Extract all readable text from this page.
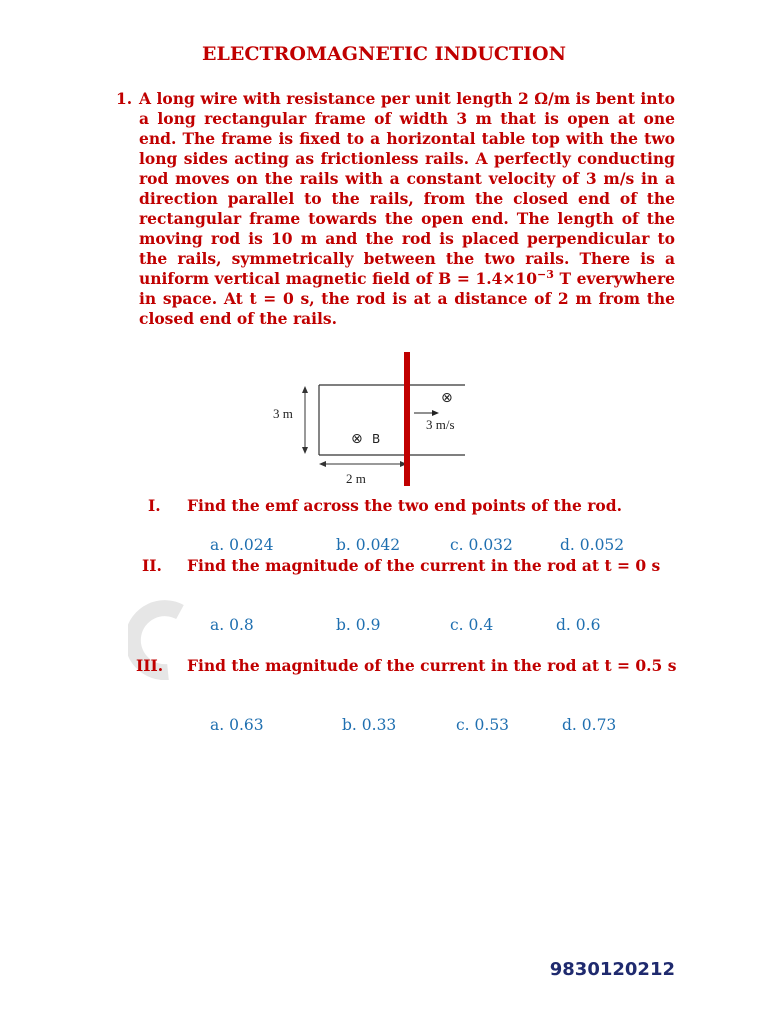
ELECTROMAGNETIC INDUCTION
1. A long wire with resistance per unit length 2 Ω/m is bent into a long rectangular frame of width 3 m that is open at one end. The frame is fixed to a horizontal table top with the two long sides acting as frictionless rails. A perfectly conducting rod moves on the rails with a constant velocity of 3 m/s in a direction parallel to the rails, from the closed end of the rectangular frame towards the open end. The length of the moving rod is 10 m and the rod is placed perpendicular to the rails, symmetrically between the two rails. There is a uniform vertical magnetic field of $B = 1.4\times 10^{-3}$ T everywhere in space. At t = 0 s, the rod is at a distance of 2 m from the closed end of the rails.
3 m
2 m
3 m/s
⊗
⊗ B
I. Find the emf across the two end points of the rod.
a. 0.024	b. 0.042	c. 0.032	d. 0.052
II. Find the magnitude of the current in the rod at t = 0 s
a. 0.8	b. 0.9	c. 0.4	d. 0.6
III. Find the magnitude of the current in the rod at t = 0.5 s
a. 0.63	b. 0.33	c. 0.53	d. 0.73
9830120212
